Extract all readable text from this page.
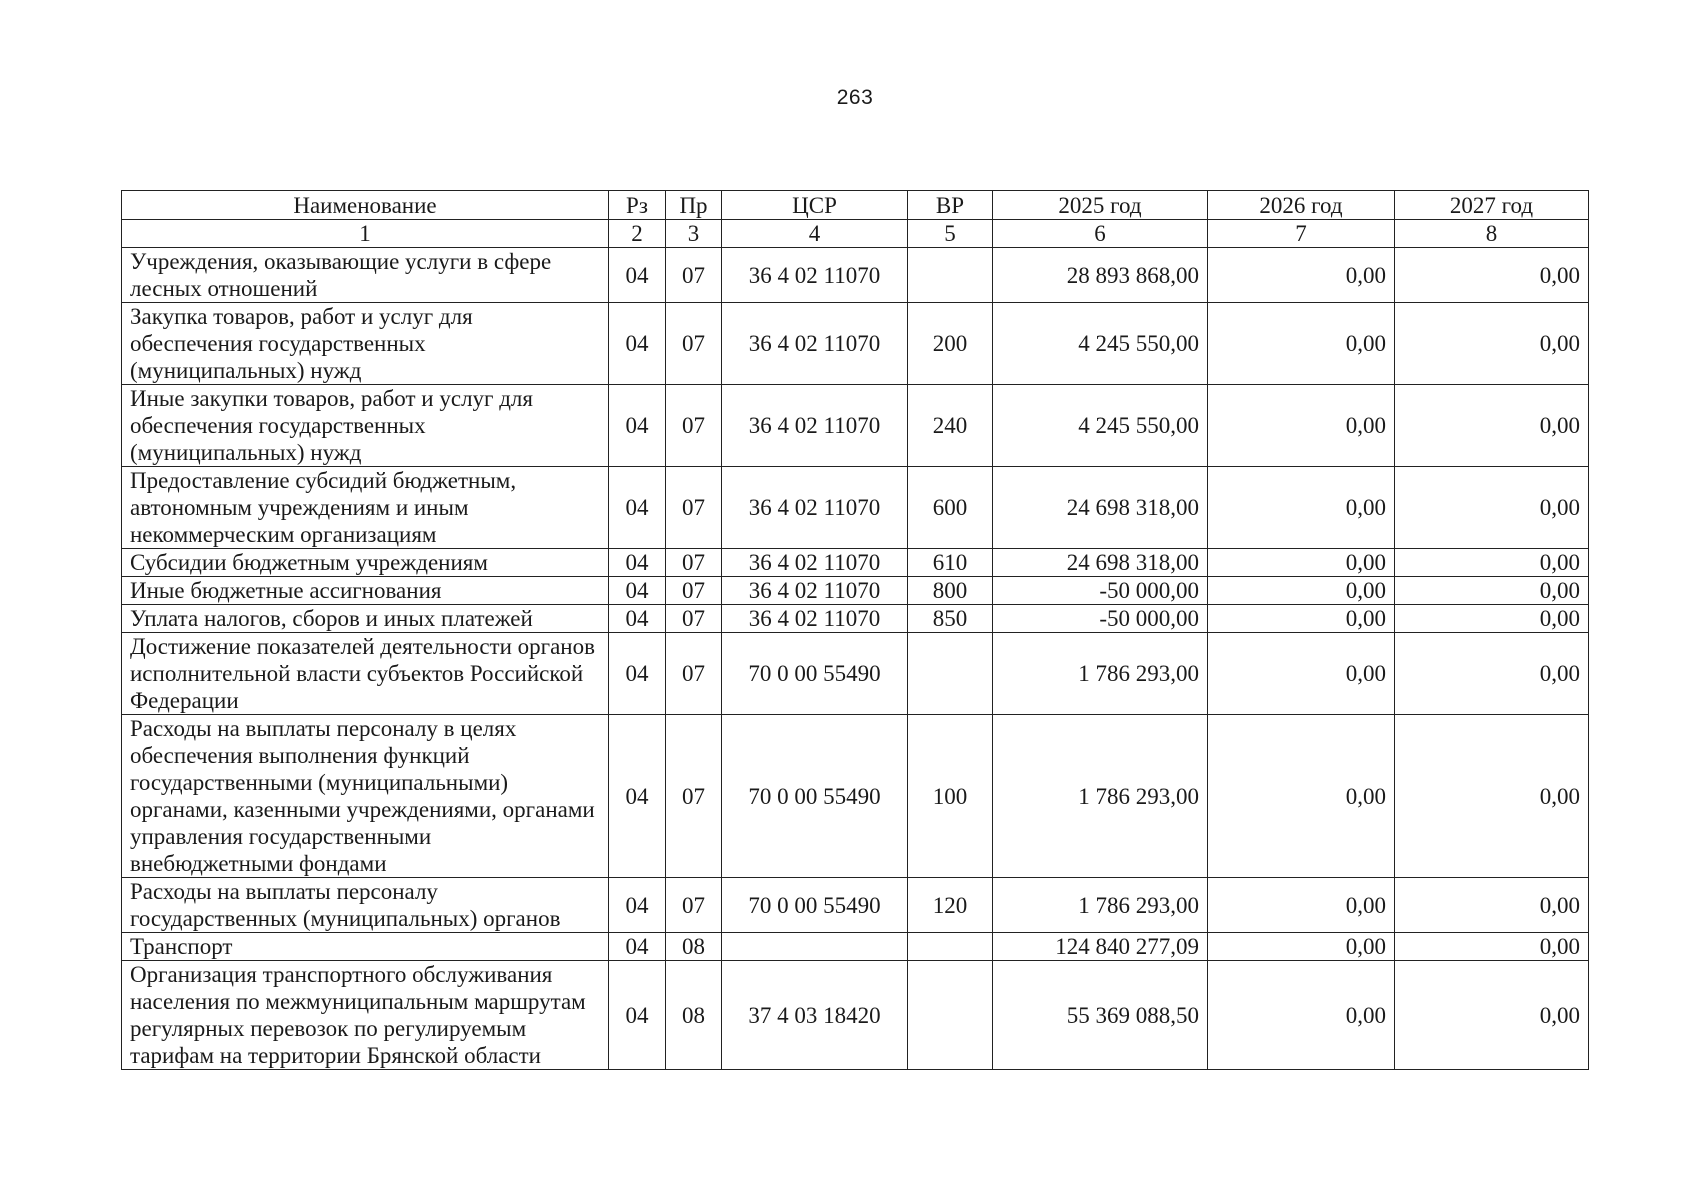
263
Наименование	Рз	Пр	ЦСР	ВР	2025 год	2026 год	2027 год
1	2	3	4	5	6	7	8
Учреждения, оказывающие услуги в сфере лесных отношений	04	07	36 4 02 11070		28 893 868,00	0,00	0,00
Закупка товаров, работ и услуг для обеспечения государственных (муниципальных) нужд	04	07	36 4 02 11070	200	4 245 550,00	0,00	0,00
Иные закупки товаров, работ и услуг для обеспечения государственных (муниципальных) нужд	04	07	36 4 02 11070	240	4 245 550,00	0,00	0,00
Предоставление субсидий бюджетным, автономным учреждениям и иным некоммерческим организациям	04	07	36 4 02 11070	600	24 698 318,00	0,00	0,00
Субсидии бюджетным учреждениям	04	07	36 4 02 11070	610	24 698 318,00	0,00	0,00
Иные бюджетные ассигнования	04	07	36 4 02 11070	800	-50 000,00	0,00	0,00
Уплата налогов, сборов и иных платежей	04	07	36 4 02 11070	850	-50 000,00	0,00	0,00
Достижение показателей деятельности органов исполнительной власти субъектов Российской Федерации	04	07	70 0 00 55490		1 786 293,00	0,00	0,00
Расходы на выплаты персоналу в целях обеспечения выполнения функций государственными (муниципальными) органами, казенными учреждениями, органами управления государственными внебюджетными фондами	04	07	70 0 00 55490	100	1 786 293,00	0,00	0,00
Расходы на выплаты персоналу государственных (муниципальных) органов	04	07	70 0 00 55490	120	1 786 293,00	0,00	0,00
Транспорт	04	08			124 840 277,09	0,00	0,00
Организация транспортного обслуживания населения по межмуниципальным маршрутам регулярных перевозок по регулируемым тарифам на территории Брянской области	04	08	37 4 03 18420		55 369 088,50	0,00	0,00
